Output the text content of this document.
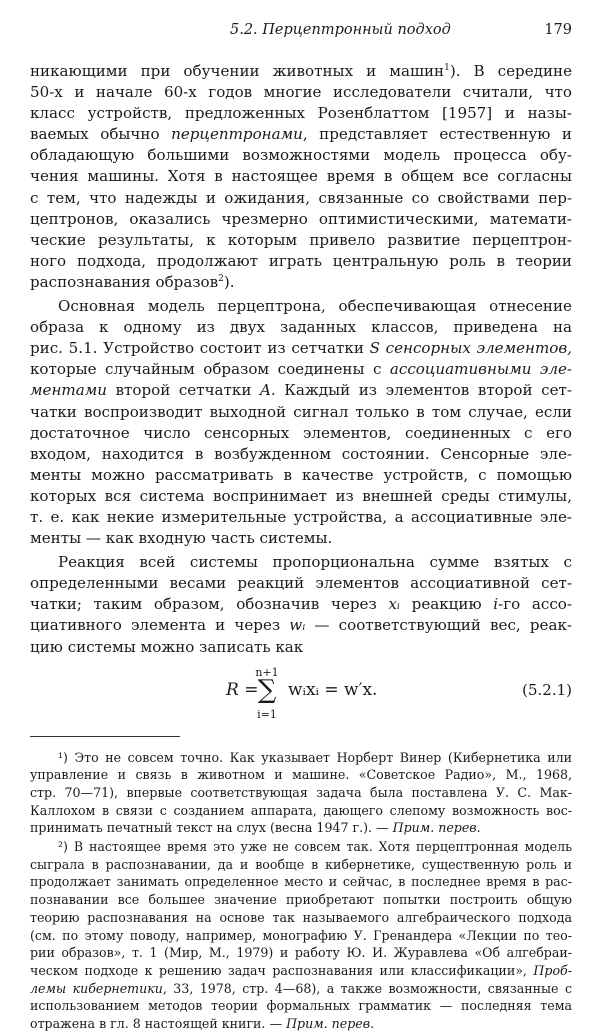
5.2. Перцептронный подход	179
никающими при обучении животных и машин$^1$). В середине
50-х и начале 60-х годов многие исследователи считали, что
класс устройств, предложенных Розенблаттом [1957] и назы-
ваемых обычно перцептронами, представляет естественную и
обладающую большими возможностями модель процесса обу-
чения машины. Хотя в настоящее время в общем все согласны
с тем, что надежды и ожидания, связанные со свойствами пер-
цептронов, оказались чрезмерно оптимистическими, математи-
ческие результаты, к которым привело развитие перцептрон-
ного подхода, продолжают играть центральную роль в теории
распознавания образов$^2$).
Основная модель перцептрона, обеспечивающая отнесение
образа к одному из двух заданных классов, приведена на
рис. 5.1. Устройство состоит из сетчатки S сенсорных элементов,
которые случайным образом соединены с ассоциативными эле-
ментами второй сетчатки A. Каждый из элементов второй сет-
чатки воспроизводит выходной сигнал только в том случае, если
достаточное число сенсорных элементов, соединенных с его
входом, находится в возбужденном состоянии. Сенсорные эле-
менты можно рассматривать в качестве устройств, с помощью
которых вся система воспринимает из внешней среды стимулы,
т. е. как некие измерительные устройства, а ассоциативные эле-
менты — как входную часть системы.
Реакция всей системы пропорциональна сумме взятых с
определенными весами реакций элементов ассоциативной сет-
чатки; таким образом, обозначив через xᵢ реакцию i-го ассо-
циативного элемента и через wᵢ — соответствующий вес, реак-
цию системы можно записать как
R =
n+1
∑
i=1
wᵢxᵢ = w′x.	(5.2.1)
¹) Это не совсем точно. Как указывает Норберт Винер (Кибернетика или
управление и связь в животном и машине. «Советское Радио», М., 1968,
стр. 70—71), впервые соответствующая задача была поставлена У. С. Мак-
Каллохом в связи с созданием аппарата, дающего слепому возможность вос-
принимать печатный текст на слух (весна 1947 г.). — Прим. перев.
²) В настоящее время это уже не совсем так. Хотя перцептронная модель
сыграла в распознавании, да и вообще в кибернетике, существенную роль и
продолжает занимать определенное место и сейчас, в последнее время в рас-
познавании все большее значение приобретают попытки построить общую
теорию распознавания на основе так называемого алгебраического подхода
(см. по этому поводу, например, монографию У. Гренандера «Лекции по тео-
рии образов», т. 1 (Мир, М., 1979) и работу Ю. И. Журавлева «Об алгебраи-
ческом подходе к решению задач распознавания или классификации», Проб-
лемы кибернетики, 33, 1978, стр. 4—68), а также возможности, связанные с
использованием методов теории формальных грамматик — последняя тема
отражена в гл. 8 настоящей книги. — Прим. перев.
